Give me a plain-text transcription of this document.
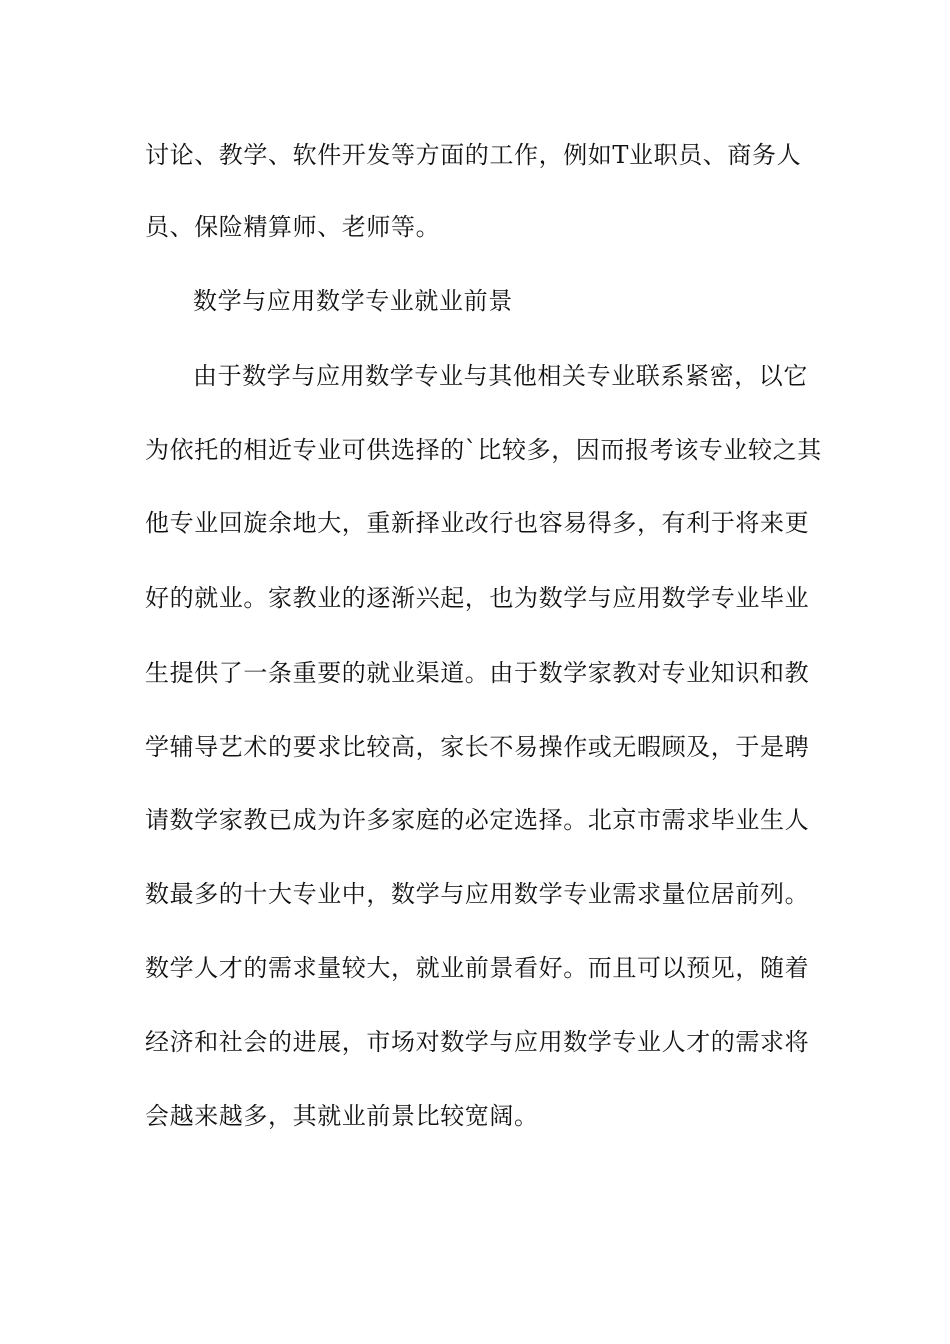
讨论、教学、软件开发等方面的工作，例如T业职员、商务人
员、保险精算师、老师等。
数学与应用数学专业就业前景
由于数学与应用数学专业与其他相关专业联系紧密，以它
为依托的相近专业可供选择的`比较多，因而报考该专业较之其
他专业回旋余地大，重新择业改行也容易得多，有利于将来更
好的就业。家教业的逐渐兴起，也为数学与应用数学专业毕业
生提供了一条重要的就业渠道。由于数学家教对专业知识和教
学辅导艺术的要求比较高，家长不易操作或无暇顾及，于是聘
请数学家教已成为许多家庭的必定选择。北京市需求毕业生人
数最多的十大专业中，数学与应用数学专业需求量位居前列。
数学人才的需求量较大，就业前景看好。而且可以预见，随着
经济和社会的进展，市场对数学与应用数学专业人才的需求将
会越来越多，其就业前景比较宽阔。
